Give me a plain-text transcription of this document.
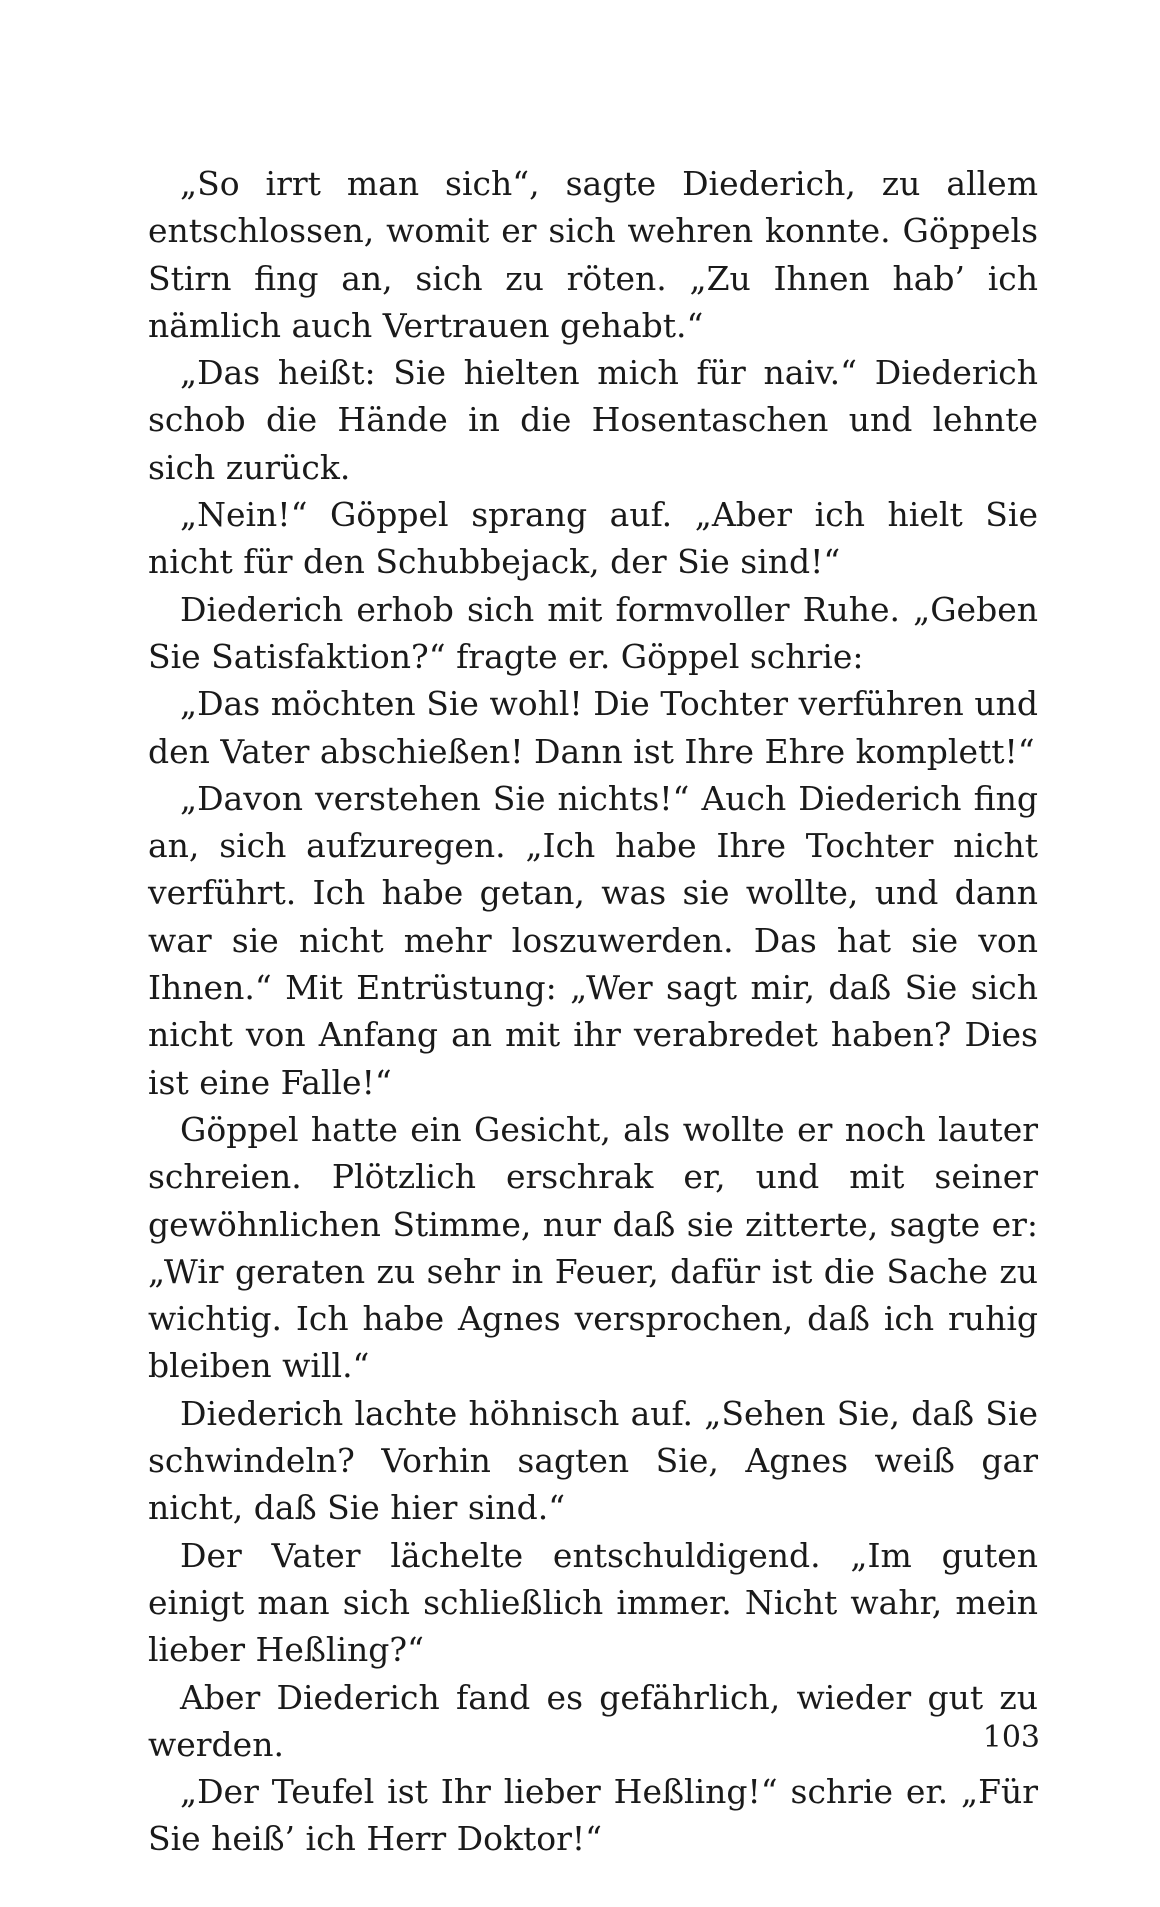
„So irrt man sich“, sagte Diederich, zu allem entschlossen, womit er sich wehren konnte. Göppels Stirn fing an, sich zu röten. „Zu Ihnen hab’ ich nämlich auch Vertrauen gehabt.“

„Das heißt: Sie hielten mich für naiv.“ Diederich schob die Hände in die Hosentaschen und lehnte sich zurück.

„Nein!“ Göppel sprang auf. „Aber ich hielt Sie nicht für den Schubbejack, der Sie sind!“

Diederich erhob sich mit formvoller Ruhe. „Geben Sie Satisfaktion?“ fragte er. Göppel schrie:

„Das möchten Sie wohl! Die Tochter verführen und den Vater abschießen! Dann ist Ihre Ehre komplett!“

„Davon verstehen Sie nichts!“ Auch Diederich fing an, sich aufzuregen. „Ich habe Ihre Tochter nicht verführt. Ich habe getan, was sie wollte, und dann war sie nicht mehr loszuwerden. Das hat sie von Ihnen.“ Mit Entrüstung: „Wer sagt mir, daß Sie sich nicht von Anfang an mit ihr verabredet haben? Dies ist eine Falle!“

Göppel hatte ein Gesicht, als wollte er noch lauter schreien. Plötzlich erschrak er, und mit seiner gewöhnlichen Stimme, nur daß sie zitterte, sagte er: „Wir geraten zu sehr in Feuer, dafür ist die Sache zu wichtig. Ich habe Agnes versprochen, daß ich ruhig bleiben will.“

Diederich lachte höhnisch auf. „Sehen Sie, daß Sie schwindeln? Vorhin sagten Sie, Agnes weiß gar nicht, daß Sie hier sind.“

Der Vater lächelte entschuldigend. „Im guten einigt man sich schließlich immer. Nicht wahr, mein lieber Heßling?“

Aber Diederich fand es gefährlich, wieder gut zu werden.

„Der Teufel ist Ihr lieber Heßling!“ schrie er. „Für Sie heiß’ ich Herr Doktor!“

103
